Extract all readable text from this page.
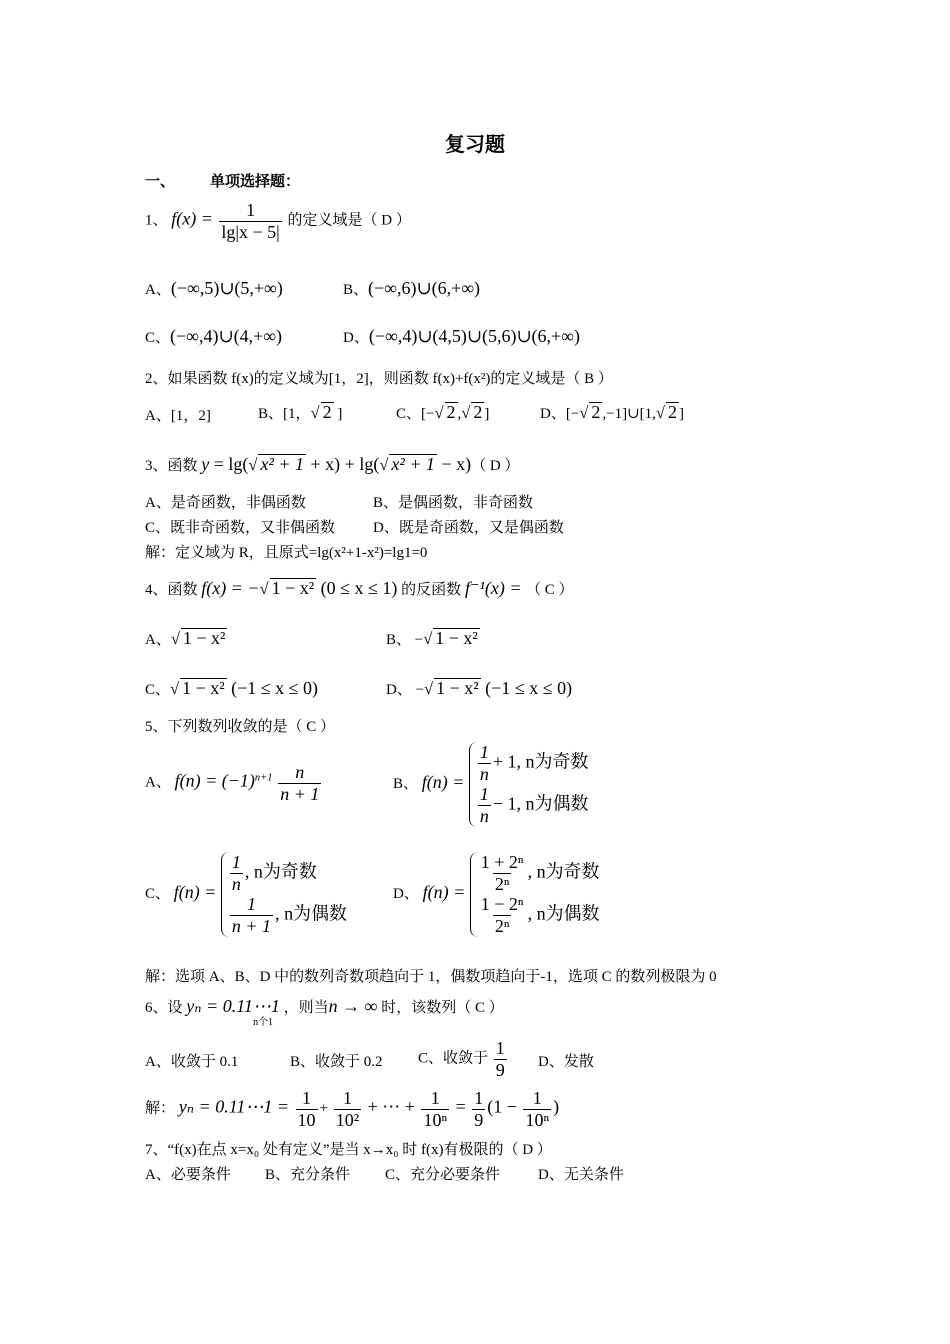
复习题
一、 单项选择题：
1、 $f(x) = \frac{1}{\lg|x - 5|}$ 的定义域是（ D ）
A、(−∞,5)∪(5,+∞)	B、(−∞,6)∪(6,+∞)
C、(−∞,4)∪(4,+∞)	D、(−∞,4)∪(4,5)∪(5,6)∪(6,+∞)
2、如果函数 f(x)的定义域为[1，2]，则函数 f(x)+f(x²)的定义域是（ B ）
A、[1，2]	B、[1，√ 2 ]	C、[−√ 2 ,√ 2 ]	D、[−√ 2 ,−1]∪[1,√ 2 ]
3、函数 y = lg(√ x² + 1 + x) + lg(√ x² + 1 − x)（ D ）
A、是奇函数，非偶函数	B、是偶函数，非奇函数
C、既非奇函数，又非偶函数	D、既是奇函数，又是偶函数
解：定义域为 R，且原式=lg(x²+1-x²)=lg1=0
4、函数 f(x) = −√ 1 − x² (0 ≤ x ≤ 1) 的反函数 f⁻¹(x) = （ C ）
A、√ 1 − x²	B、 −√ 1 − x²
C、√ 1 − x² (−1 ≤ x ≤ 0)	D、 −√ 1 − x² (−1 ≤ x ≤ 0)
5、下列数列收敛的是（ C ）
A、 $f(n) = (-1)^{n+1} \frac{n}{n + 1}$	B、 $f(n) = \frac{1}{n} + 1$, n为奇数
$\frac{1}{n} - 1$, n为偶数
C、 $f(n) = \frac{1}{n}$ , n为奇数
$\frac{1}{n + 1}$ , n为偶数
D、 $f(n) = \frac{\text{1 + 2ⁿ}}{\text{2ⁿ}}$ , n为奇数
$\frac{\text{1 − 2ⁿ}}{\text{2ⁿ}}$ , n为偶数
解：选项 A、B、D 中的数列奇数项趋向于 1，偶数项趋向于-1，选项 C 的数列极限为 0
6、设 yₙ = 0.11⋯1
n个1
，则当n → ∞ 时，该数列（ C ）
A、收敛于 0.1	B、收敛于 0.2 C、收敛于 $\frac{1}{9}$ D、发散
解： yₙ = 0.11⋯1 = $\frac{1}{10} + \frac{1}{\text{10²}}$ + ⋯ + $\frac{1}{\text{10ⁿ}} = \frac{1}{9} (1 - \frac{1}{\text{10ⁿ}}$ )
7、“f(x)在点 x=x₀ 处有定义”是当 x→x₀ 时 f(x)有极限的（ D ）
A、必要条件 B、充分条件 C、充分必要条件	D、无关条件
